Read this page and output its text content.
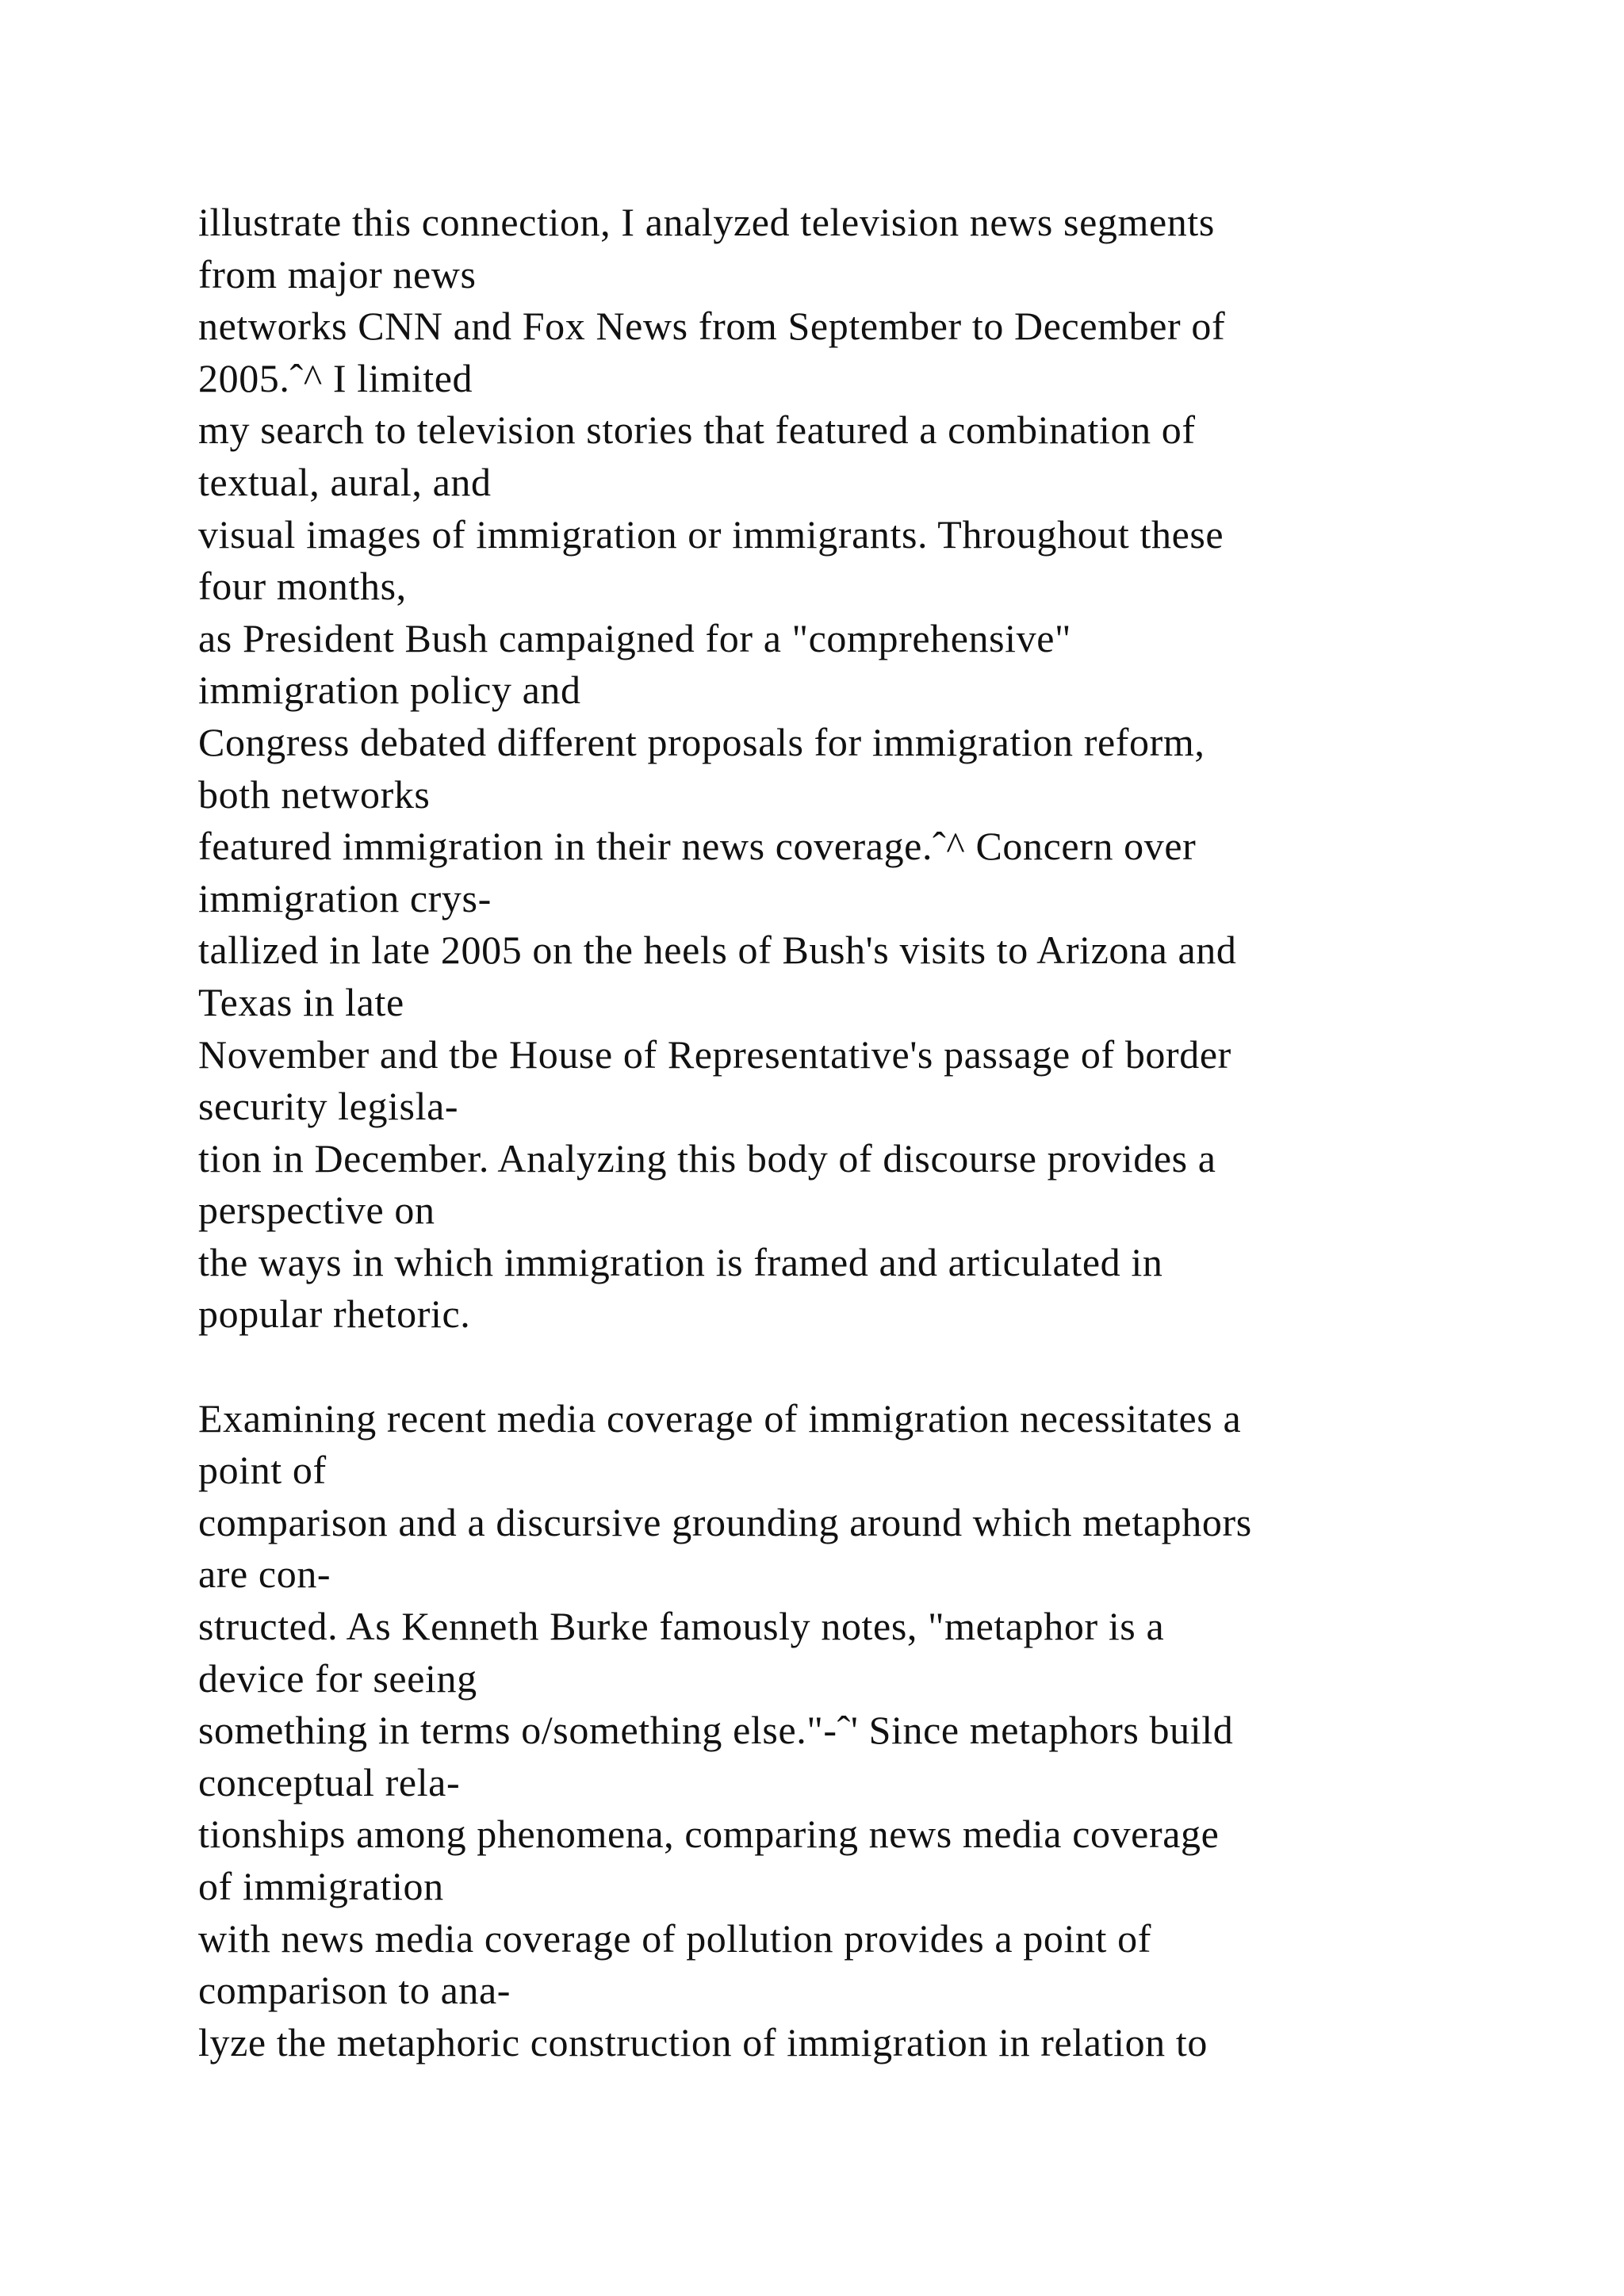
illustrate this connection, I analyzed television news segments
from major news
networks CNN and Fox News from September to December of
2005.ˆ^ I limited
my search to television stories that featured a combination of
textual, aural, and
visual images of immigration or immigrants. Throughout these
four months,
as President Bush campaigned for a "comprehensive"
immigration policy and
Congress debated different proposals for immigration reform,
both networks
featured immigration in their news coverage.ˆ^ Concern over
immigration crys-
tallized in late 2005 on the heels of Bush's visits to Arizona and
Texas in late
November and tbe House of Representative's passage of border
security legisla-
tion in December. Analyzing this body of discourse provides a
perspective on
the ways in which immigration is framed and articulated in
popular rhetoric.
Examining recent media coverage of immigration necessitates a
point of
comparison and a discursive grounding around which metaphors
are con-
structed. As Kenneth Burke famously notes, "metaphor is a
device for seeing
something in terms o/something else."-ˆ' Since metaphors build
conceptual rela-
tionships among phenomena, comparing news media coverage
of immigration
with news media coverage of pollution provides a point of
comparison to ana-
lyze the metaphoric construction of immigration in relation to
